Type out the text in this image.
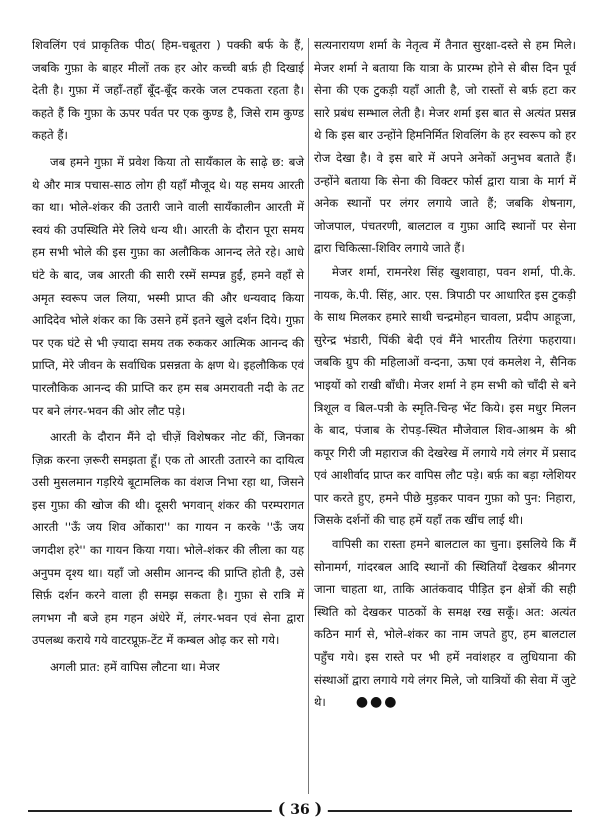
शिवलिंग एवं प्राकृतिक पीठ( हिम-चबूतरा ) पक्की बर्फ के हैं, जबकि गुफ़ा के बाहर मीलों तक हर ओर कच्ची बर्फ़ ही दिखाई देती है। गुफ़ा में जहाँ-तहाँ बूँद-बूँद करके जल टपकता रहता है। कहते हैं कि गुफ़ा के ऊपर पर्वत पर एक कुण्ड है, जिसे राम कुण्ड कहते हैं।

जब हमने गुफ़ा में प्रवेश किया तो सायँकाल के साढ़े छ: बजे थे और मात्र पचास-साठ लोग ही यहाँ मौजूद थे। यह समय आरती का था। भोले-शंकर की उतारी जाने वाली सायँकालीन आरती में स्वयं की उपस्थिति मेरे लिये धन्य थी। आरती के दौरान पूरा समय हम सभी भोले की इस गुफ़ा का अलौकिक आनन्द लेते रहे। आधे घंटे के बाद, जब आरती की सारी रस्में सम्पन्न हुईं, हमने वहाँ से अमृत स्वरूप जल लिया, भस्मी प्राप्त की और धन्यवाद किया आदिदेव भोले शंकर का कि उसने हमें इतने खुले दर्शन दिये। गुफ़ा पर एक घंटे से भी ज़्यादा समय तक रुककर आत्मिक आनन्द की प्राप्ति, मेरे जीवन के सर्वाधिक प्रसन्नता के क्षण थे। इहलौकिक एवं पारलौकिक आनन्द की प्राप्ति कर हम सब अमरावती नदी के तट पर बने लंगर-भवन की ओर लौट पड़े।

आरती के दौरान मैंने दो चीज़ें विशेषकर नोट कीं, जिनका ज़िक्र करना ज़रूरी समझता हूँ। एक तो आरती उतारने का दायित्व उसी मुसलमान गड़रिये बूटामलिक का वंशज निभा रहा था, जिसने इस गुफ़ा की खोज की थी। दूसरी भगवान् शंकर की परम्परागत आरती ''ऊँ जय शिव ओंकारा'' का गायन न करके ''ऊँ जय जगदीश हरे'' का गायन किया गया। भोले-शंकर की लीला का यह अनुपम दृश्य था। यहाँ जो असीम आनन्द की प्राप्ति होती है, उसे सिर्फ़ दर्शन करने वाला ही समझ सकता है। गुफ़ा से रात्रि में लगभग नौ बजे हम गहन अंधेरे में, लंगर-भवन एवं सेना द्वारा उपलब्ध कराये गये वाटरप्रूफ़-टेंट में कम्बल ओढ़ कर सो गये।

अगली प्रात: हमें वापिस लौटना था। मेजर

सत्यनारायण शर्मा के नेतृत्व में तैनात सुरक्षा-दस्ते से हम मिले। मेजर शर्मा ने बताया कि यात्रा के प्रारम्भ होने से बीस दिन पूर्व सेना की एक टुकड़ी यहाँ आती है, जो रास्तों से बर्फ़ हटा कर सारे प्रबंध सम्भाल लेती है। मेजर शर्मा इस बात से अत्यंत प्रसन्न थे कि इस बार उन्होंने हिमनिर्मित शिवलिंग के हर स्वरूप को हर रोज देखा है। वे इस बारे में अपने अनेकों अनुभव बताते हैं। उन्होंने बताया कि सेना की विक्टर फोर्स द्वारा यात्रा के मार्ग में अनेक स्थानों पर लंगर लगाये जाते हैं; जबकि शेषनाग, जोजपाल, पंचतरणी, बालटाल व गुफ़ा आदि स्थानों पर सेना द्वारा चिकित्सा-शिविर लगाये जाते हैं।

मेजर शर्मा, रामनरेश सिंह खुशवाहा, पवन शर्मा, पी.के. नायक, के.पी. सिंह, आर. एस. त्रिपाठी पर आधारित इस टुकड़ी के साथ मिलकर हमारे साथी चन्द्रमोहन चावला, प्रदीप आहूजा, सुरेन्द्र भंडारी, पिंकी बेदी एवं मैंने भारतीय तिरंगा फहराया। जबकि ग्रुप की महिलाओं वन्दना, ऊषा एवं कमलेश ने, सैनिक भाइयों को राखी बाँधी। मेजर शर्मा ने हम सभी को चाँदी से बने त्रिशूल व बिल-पत्री के स्मृति-चिन्ह भेंट किये। इस मधुर मिलन के बाद, पंजाब के रोपड़-स्थित मौजेवाल शिव-आश्रम के श्री कपूर गिरी जी महाराज की देखरेख में लगाये गये लंगर में प्रसाद एवं आशीर्वाद प्राप्त कर वापिस लौट पड़े। बर्फ़ का बड़ा ग्लेशियर पार करते हुए, हमने पीछे मुड़कर पावन गुफ़ा को पुन: निहारा, जिसके दर्शनों की चाह हमें यहाँ तक खींच लाई थी।

वापिसी का रास्ता हमने बालटाल का चुना। इसलिये कि मैं सोनामर्ग, गांदरबल आदि स्थानों की स्थितियाँ देखकर श्रीनगर जाना चाहता था, ताकि आतंकवाद पीड़ित इन क्षेत्रों की सही स्थिति को देखकर पाठकों के समक्ष रख सकूँ। अत: अत्यंत कठिन मार्ग से, भोले-शंकर का नाम जपते हुए, हम बालटाल पहुँच गये। इस रास्ते पर भी हमें नवांशहर व लुधियाना की संस्थाओं द्वारा लगाये गये लंगर मिले, जो यात्रियों की सेवा में जुटे थे। ●●●

( 36 )
